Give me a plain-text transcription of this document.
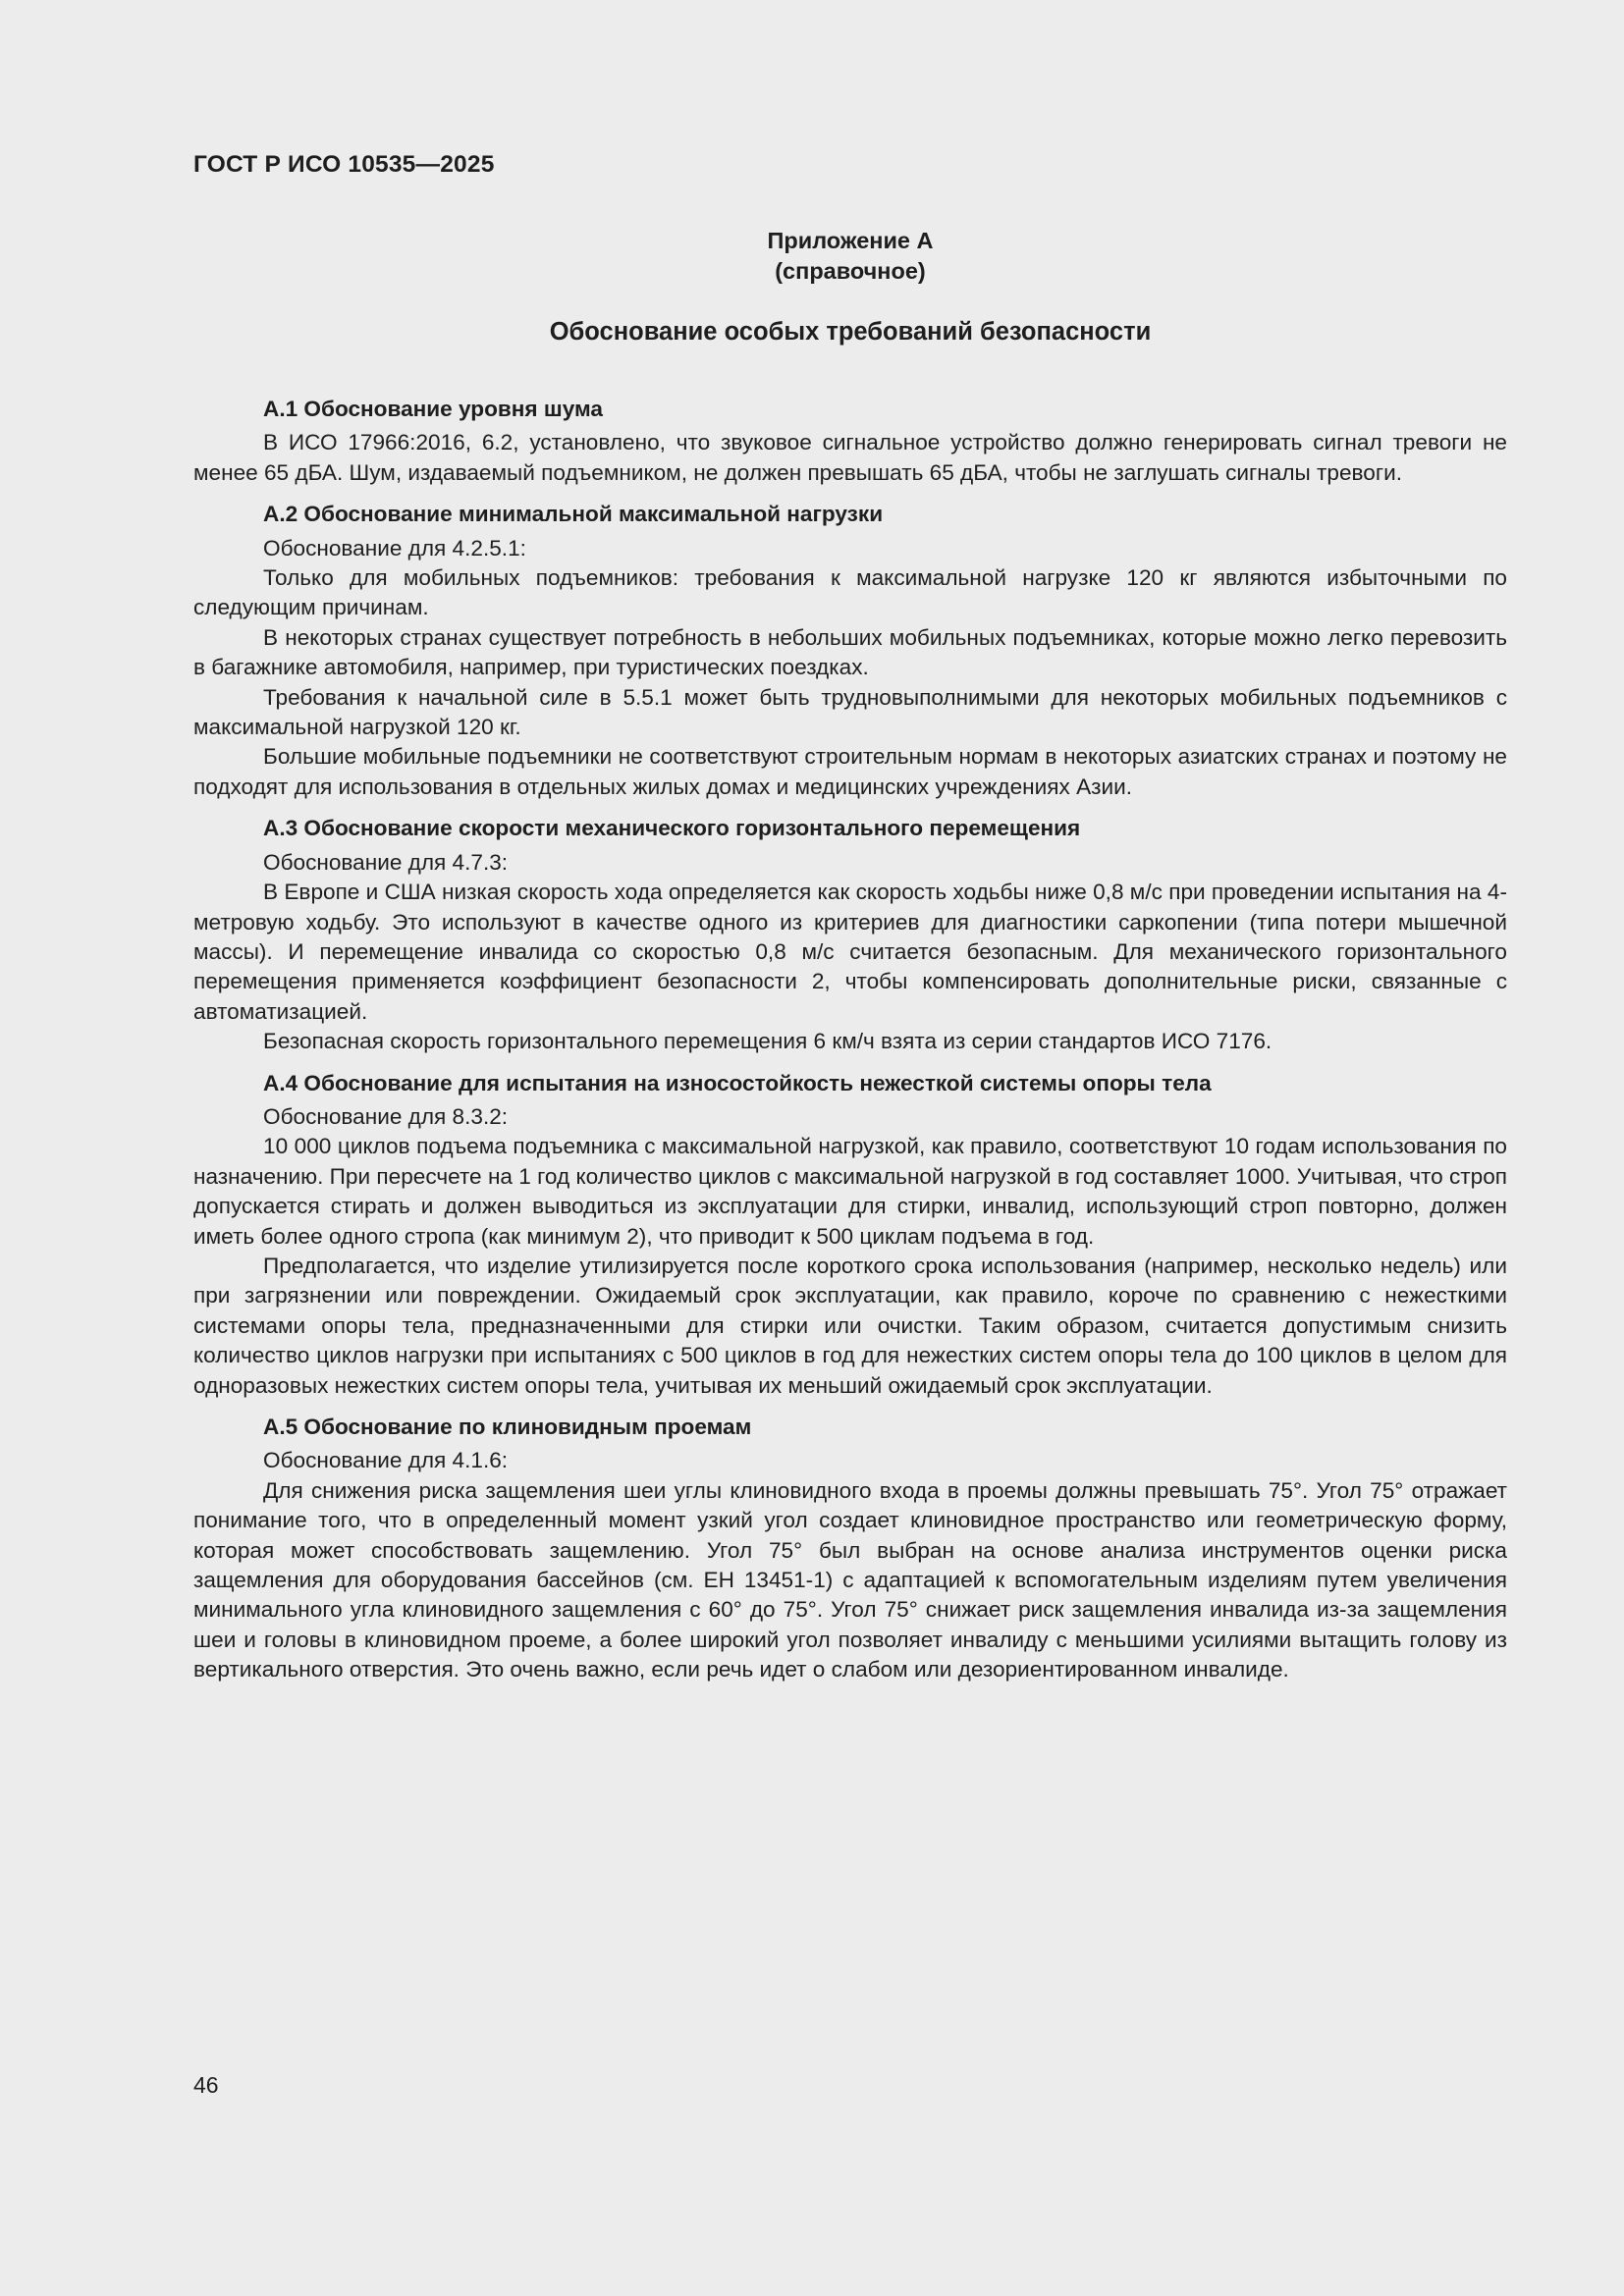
ГОСТ Р ИСО 10535—2025
Приложение А
(справочное)
Обоснование особых требований безопасности
А.1 Обоснование уровня шума

В ИСО 17966:2016, 6.2, установлено, что звуковое сигнальное устройство должно генерировать сигнал тревоги не менее 65 дБА. Шум, издаваемый подъемником, не должен превышать 65 дБА, чтобы не заглушать сигналы тревоги.

А.2 Обоснование минимальной максимальной нагрузки

Обоснование для 4.2.5.1:

Только для мобильных подъемников: требования к максимальной нагрузке 120 кг являются избыточными по следующим причинам.

В некоторых странах существует потребность в небольших мобильных подъемниках, которые можно легко перевозить в багажнике автомобиля, например, при туристических поездках.

Требования к начальной силе в 5.5.1 может быть трудновыполнимыми для некоторых мобильных подъемников с максимальной нагрузкой 120 кг.

Большие мобильные подъемники не соответствуют строительным нормам в некоторых азиатских странах и поэтому не подходят для использования в отдельных жилых домах и медицинских учреждениях Азии.

А.3 Обоснование скорости механического горизонтального перемещения

Обоснование для 4.7.3:

В Европе и США низкая скорость хода определяется как скорость ходьбы ниже 0,8 м/с при проведении испытания на 4-метровую ходьбу. Это используют в качестве одного из критериев для диагностики саркопении (типа потери мышечной массы). И перемещение инвалида со скоростью 0,8 м/с считается безопасным. Для механического горизонтального перемещения применяется коэффициент безопасности 2, чтобы компенсировать дополнительные риски, связанные с автоматизацией.

Безопасная скорость горизонтального перемещения 6 км/ч взята из серии стандартов ИСО 7176.

А.4 Обоснование для испытания на износостойкость нежесткой системы опоры тела

Обоснование для 8.3.2:

10 000 циклов подъема подъемника с максимальной нагрузкой, как правило, соответствуют 10 годам использования по назначению. При пересчете на 1 год количество циклов с максимальной нагрузкой в год составляет 1000. Учитывая, что строп допускается стирать и должен выводиться из эксплуатации для стирки, инвалид, использующий строп повторно, должен иметь более одного стропа (как минимум 2), что приводит к 500 циклам подъема в год.

Предполагается, что изделие утилизируется после короткого срока использования (например, несколько недель) или при загрязнении или повреждении. Ожидаемый срок эксплуатации, как правило, короче по сравнению с нежесткими системами опоры тела, предназначенными для стирки или очистки. Таким образом, считается допустимым снизить количество циклов нагрузки при испытаниях с 500 циклов в год для нежестких систем опоры тела до 100 циклов в целом для одноразовых нежестких систем опоры тела, учитывая их меньший ожидаемый срок эксплуатации.

А.5 Обоснование по клиновидным проемам

Обоснование для 4.1.6:

Для снижения риска защемления шеи углы клиновидного входа в проемы должны превышать 75°. Угол 75° отражает понимание того, что в определенный момент узкий угол создает клиновидное пространство или геометрическую форму, которая может способствовать защемлению. Угол 75° был выбран на основе анализа инструментов оценки риска защемления для оборудования бассейнов (см. ЕН 13451-1) с адаптацией к вспомогательным изделиям путем увеличения минимального угла клиновидного защемления с 60° до 75°. Угол 75° снижает риск защемления инвалида из-за защемления шеи и головы в клиновидном проеме, а более широкий угол позволяет инвалиду с меньшими усилиями вытащить голову из вертикального отверстия. Это очень важно, если речь идет о слабом или дезориентированном инвалиде.

46
